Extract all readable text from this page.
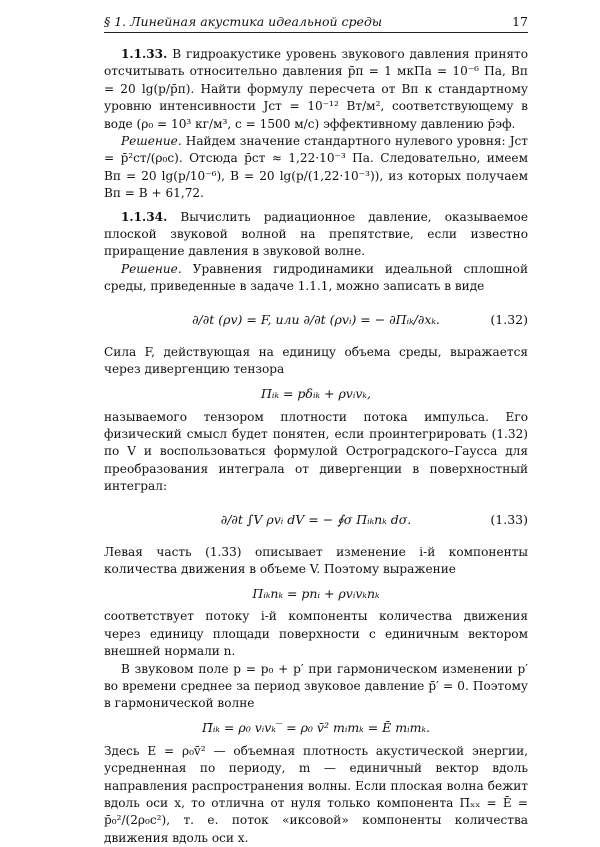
§ 1. Линейная акустика идеальной среды	17

1.1.33. В гидроакустике уровень звукового давления принято отсчитывать относительно давления p̄п = 1 мкПа = 10⁻⁶ Па, Bп = 20 lg(p/p̄п). Найти формулу пересчета от Bп к стандартному уровню интенсивности Jст = 10⁻¹² Вт/м², соответствующему в воде (ρ₀ = 10³ кг/м³, c = 1500 м/с) эффективному давлению p̄эф.

Решение. Найдем значение стандартного нулевого уровня: Jст = p̄²ст/(ρ₀c). Отсюда p̄ст ≈ 1,22·10⁻³ Па. Следовательно, имеем Bп = 20 lg(p/10⁻⁶), B = 20 lg(p/(1,22·10⁻³)), из которых получаем Bп = B + 61,72.

1.1.34. Вычислить радиационное давление, оказываемое плоской звуковой волной на препятствие, если известно приращение давления в звуковой волне.

Решение. Уравнения гидродинамики идеальной сплошной среды, приведенные в задаче 1.1.1, можно записать в виде

∂/∂t (ρv) = F, или ∂/∂t (ρvᵢ) = − ∂Πᵢₖ/∂xₖ.	(1.32)

Сила F, действующая на единицу объема среды, выражается через дивергенцию тензора

Πᵢₖ = pδᵢₖ + ρvᵢvₖ,

называемого тензором плотности потока импульса. Его физический смысл будет понятен, если проинтегрировать (1.32) по V и воспользоваться формулой Остроградского–Гаусса для преобразования интеграла от дивергенции в поверхностный интеграл:

∂/∂t ∫V ρvᵢ dV = − ∮σ Πᵢₖnₖ dσ.	(1.33)

Левая часть (1.33) описывает изменение i-й компоненты количества движения в объеме V. Поэтому выражение

Πᵢₖnₖ = pnᵢ + ρvᵢvₖnₖ

соответствует потоку i-й компоненты количества движения через единицу площади поверхности с единичным вектором внешней нормали n.

В звуковом поле p = p₀ + p′ при гармоническом изменении p′ во времени среднее за период звуковое давление p̄′ = 0. Поэтому в гармонической волне

Π̄ᵢₖ = ρ₀ vᵢvₖ‾ = ρ₀ v̄² mᵢmₖ = Ē mᵢmₖ.

Здесь E = ρ₀v̄² — объемная плотность акустической энергии, усредненная по периоду, m — единичный вектор вдоль направления распространения волны. Если плоская волна бежит вдоль оси x, то отлична от нуля только компонента Π̄ₓₓ = Ē = p̄₀²/(2ρ₀c²), т. е. поток «иксовой» компоненты количества движения вдоль оси x.
